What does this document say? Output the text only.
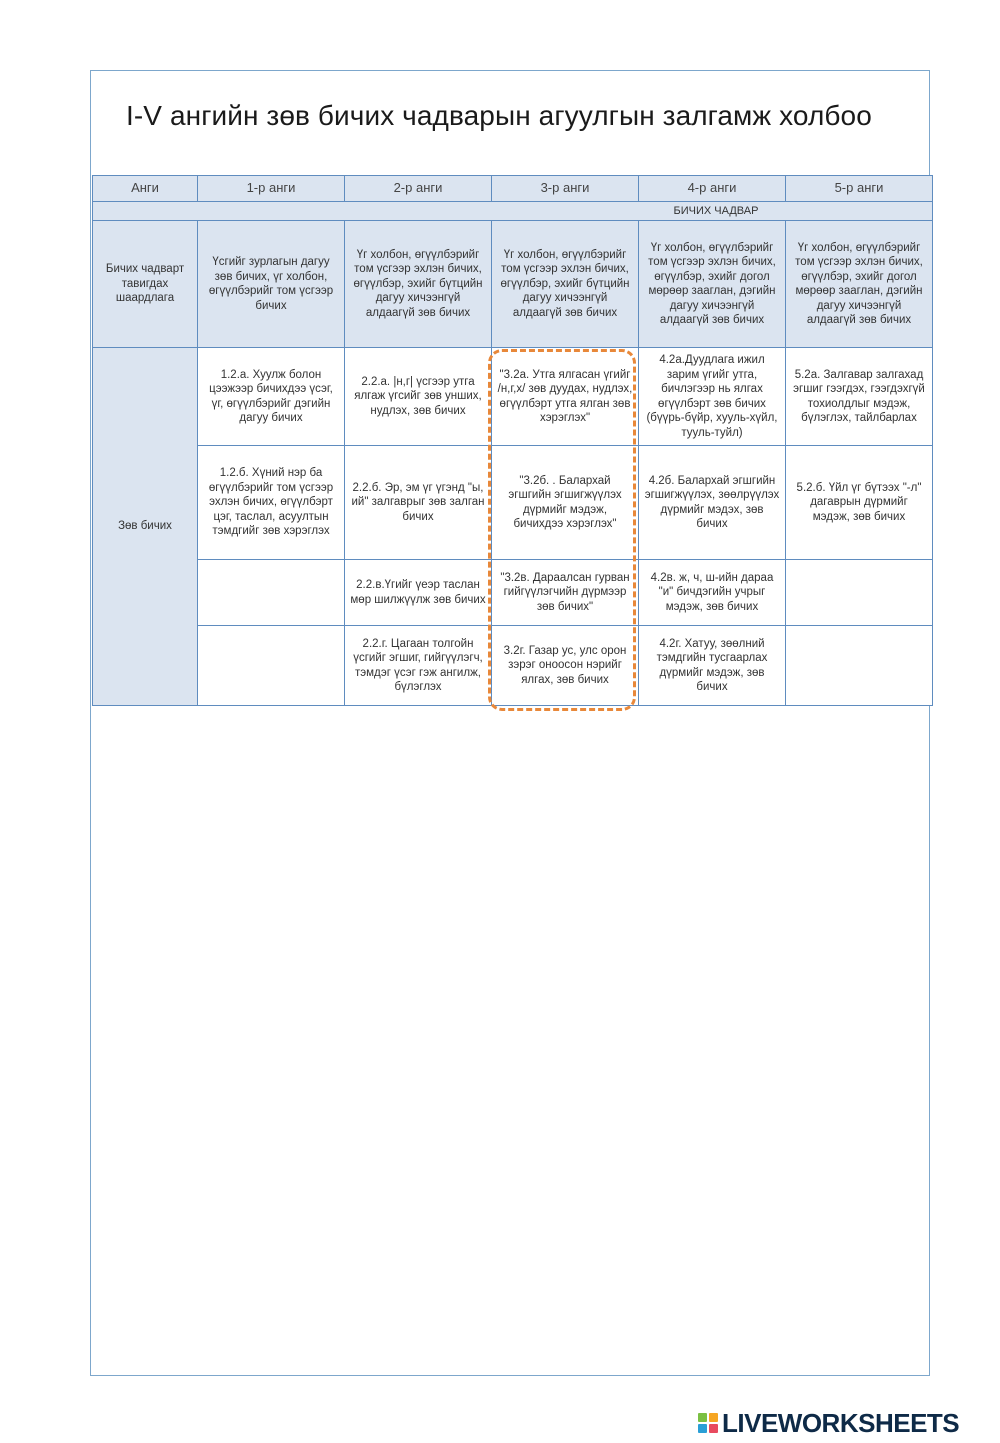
I-V ангийн зөв бичих чадварын агуулгын залгамж холбоо
Анги	1-р анги	2-р анги	3-р анги	4-р анги	5-р анги
БИЧИХ ЧАДВАР					
Бичих чадварт тавигдах шаардлага	Үсгийг зурлагын дагуу зөв бичих, үг холбон, өгүүлбэрийг том үсгээр бичих	Үг холбон, өгүүлбэрийг том үсгээр эхлэн бичих, өгүүлбэр, эхийг бүтцийн дагуу хичээнгүй алдаагүй зөв бичих	Үг холбон, өгүүлбэрийг том үсгээр эхлэн бичих, өгүүлбэр, эхийг бүтцийн дагуу хичээнгүй алдаагүй зөв бичих	Үг холбон, өгүүлбэрийг том үсгээр эхлэн бичих, өгүүлбэр, эхийг догол мөрөөр зааглан, дэгийн дагуу хичээнгүй алдаагүй зөв бичих	Үг холбон, өгүүлбэрийг том үсгээр эхлэн бичих, өгүүлбэр, эхийг догол мөрөөр зааглан, дэгийн дагуу хичээнгүй алдаагүй зөв бичих
Зөв бичих	1.2.а. Хуулж болон цээжээр бичихдээ үсэг, үг, өгүүлбэрийг дэгийн дагуу бичих	2.2.а. |н,г| үсгээр утга ялгаж үгсийг зөв унших, нудлэх, зөв бичих	"3.2а. Утга ялгасан үгийг /н,г,х/ зөв дуудах, нудлэх, өгүүлбэрт утга ялган зөв хэрэглэх"	4.2а.Дуудлага ижил зарим үгийг утга, бичлэгээр нь ялгах өгүүлбэрт зөв бичих (бүүрь-бүйр, хууль-хүйл, тууль-туйл)	5.2а. Залгавар залгахад эгшиг гээгдэх, гээгдэхгүй тохиолдлыг мэдэж, бүлэглэх, тайлбарлах
	1.2.б. Хүний нэр ба өгүүлбэрийг том үсгээр эхлэн бичих, өгүүлбэрт цэг, таслал, асуултын тэмдгийг зөв хэрэглэх	2.2.б. Эр, эм үг үгэнд "ы, ий" залгаврыг зөв залган бичих	"3.2б. . Балархай эгшгийн эгшигжүүлэх дүрмийг мэдэж, бичихдээ хэрэглэх"	4.2б. Балархай эгшгийн эгшигжүүлэх, зөөлрүүлэх дүрмийг мэдэх, зөв бичих	5.2.б. Үйл үг бүтээх "-л" дагаврын дүрмийг мэдэж, зөв бичих
		2.2.в.Үгийг үеэр таслан мөр шилжүүлж зөв бичих	"3.2в. Дараалсан гурван гийгүүлэгчийн дүрмээр зөв бичих"	4.2в. ж, ч, ш-ийн дараа "и" бичдэгийн учрыг мэдэж, зөв бичих	
		2.2.г. Цагаан толгойн үсгийг эгшиг, гийгүүлэгч, тэмдэг үсэг гэж ангилж, бүлэглэх	3.2г. Газар ус, улс орон зэрэг оноосон нэрийг ялгах, зөв бичих	4.2г. Хатуу, зөөлний тэмдгийн тусгаарлах дүрмийг мэдэж, зөв бичих	
LIVEWORKSHEETS
